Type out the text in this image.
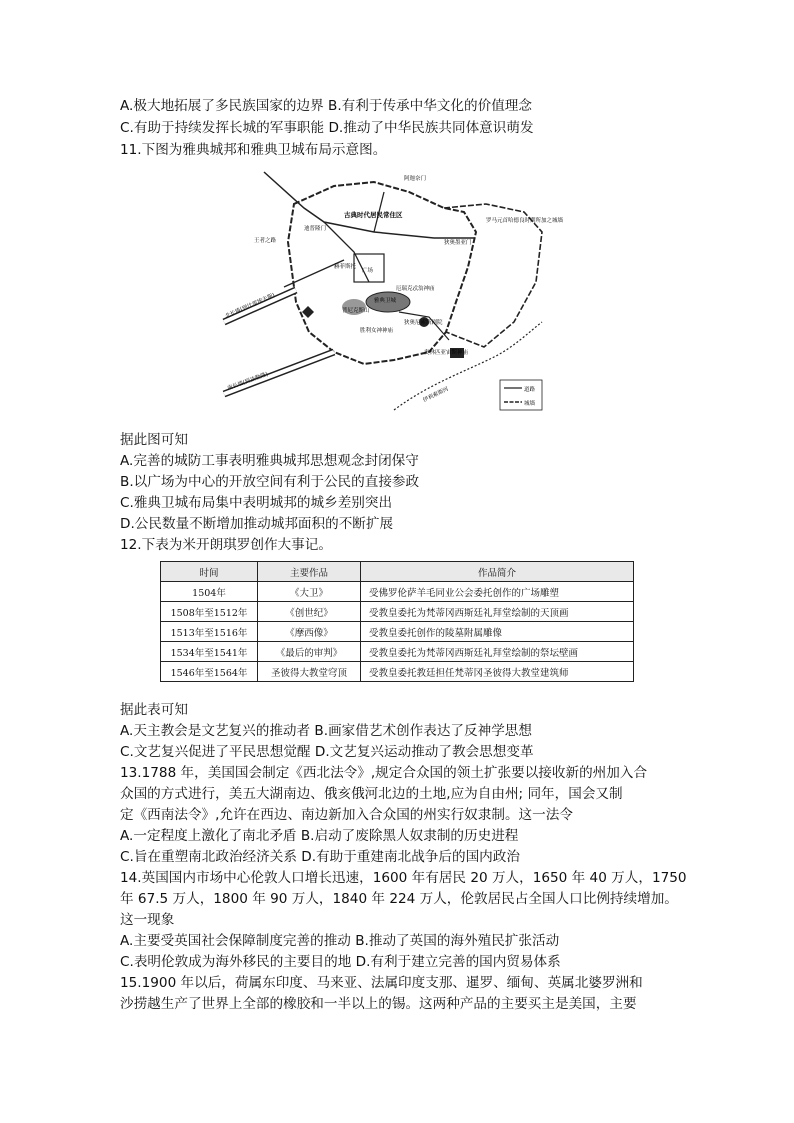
A.极大地拓展了多民族国家的边界 B.有利于传承中华文化的价值理念
C.有助于持续发挥长城的军事职能 D.推动了中华民族共同体意识萌发
11.下图为雅典城邦和雅典卫城布局示意图。
阿迦奈门
古典时代居民常住区
迪普隆门
罗马元首哈德良时期所加之城墙
狄奥墨亚门
赫菲斯托
广场
普尼克斯山
厄瑞克忒翁神庙
雅典卫城
狄奥尼索斯剧院
胜利女神神庙
奥林匹亚宙斯神庙
王者之路
北长墙(到比雷埃夫斯)
南长墙(到法勒隆)
伊利索斯河	道路
城墙
据此图可知
A.完善的城防工事表明雅典城邦思想观念封闭保守
B.以广场为中心的开放空间有利于公民的直接参政
C.雅典卫城布局集中表明城邦的城乡差别突出
D.公民数量不断增加推动城邦面积的不断扩展
12.下表为米开朗琪罗创作大事记。
时间	主要作品	作品简介
1504年	《大卫》	受佛罗伦萨羊毛同业公会委托创作的广场雕塑
1508年至1512年	《创世纪》	受教皇委托为梵蒂冈西斯廷礼拜堂绘制的天顶画
1513年至1516年	《摩西像》	受教皇委托创作的陵墓附属雕像
1534年至1541年	《最后的审判》	受教皇委托为梵蒂冈西斯廷礼拜堂绘制的祭坛壁画
1546年至1564年	圣彼得大教堂穹顶	受教皇委托教廷担任梵蒂冈圣彼得大教堂建筑师
据此表可知
A.天主教会是文艺复兴的推动者 B.画家借艺术创作表达了反神学思想
C.文艺复兴促进了平民思想觉醒 D.文艺复兴运动推动了教会思想变革
13.1788 年，美国国会制定《西北法令》,规定合众国的领土扩张要以接收新的州加入合
众国的方式进行，美五大湖南边、俄亥俄河北边的土地,应为自由州; 同年，国会又制
定《西南法令》,允许在西边、南边新加入合众国的州实行奴隶制。这一法令
A.一定程度上激化了南北矛盾 B.启动了废除黑人奴隶制的历史进程
C.旨在重塑南北政治经济关系 D.有助于重建南北战争后的国内政治
14.英国国内市场中心伦敦人口增长迅速，1600 年有居民 20 万人，1650 年 40 万人，1750
年 67.5 万人，1800 年 90 万人，1840 年 224 万人，伦敦居民占全国人口比例持续增加。
这一现象
A.主要受英国社会保障制度完善的推动 B.推动了英国的海外殖民扩张活动
C.表明伦敦成为海外移民的主要目的地 D.有利于建立完善的国内贸易体系
15.1900 年以后，荷属东印度、马来亚、法属印度支那、暹罗、缅甸、英属北婆罗洲和
沙捞越生产了世界上全部的橡胶和一半以上的锡。这两种产品的主要买主是美国，主要
